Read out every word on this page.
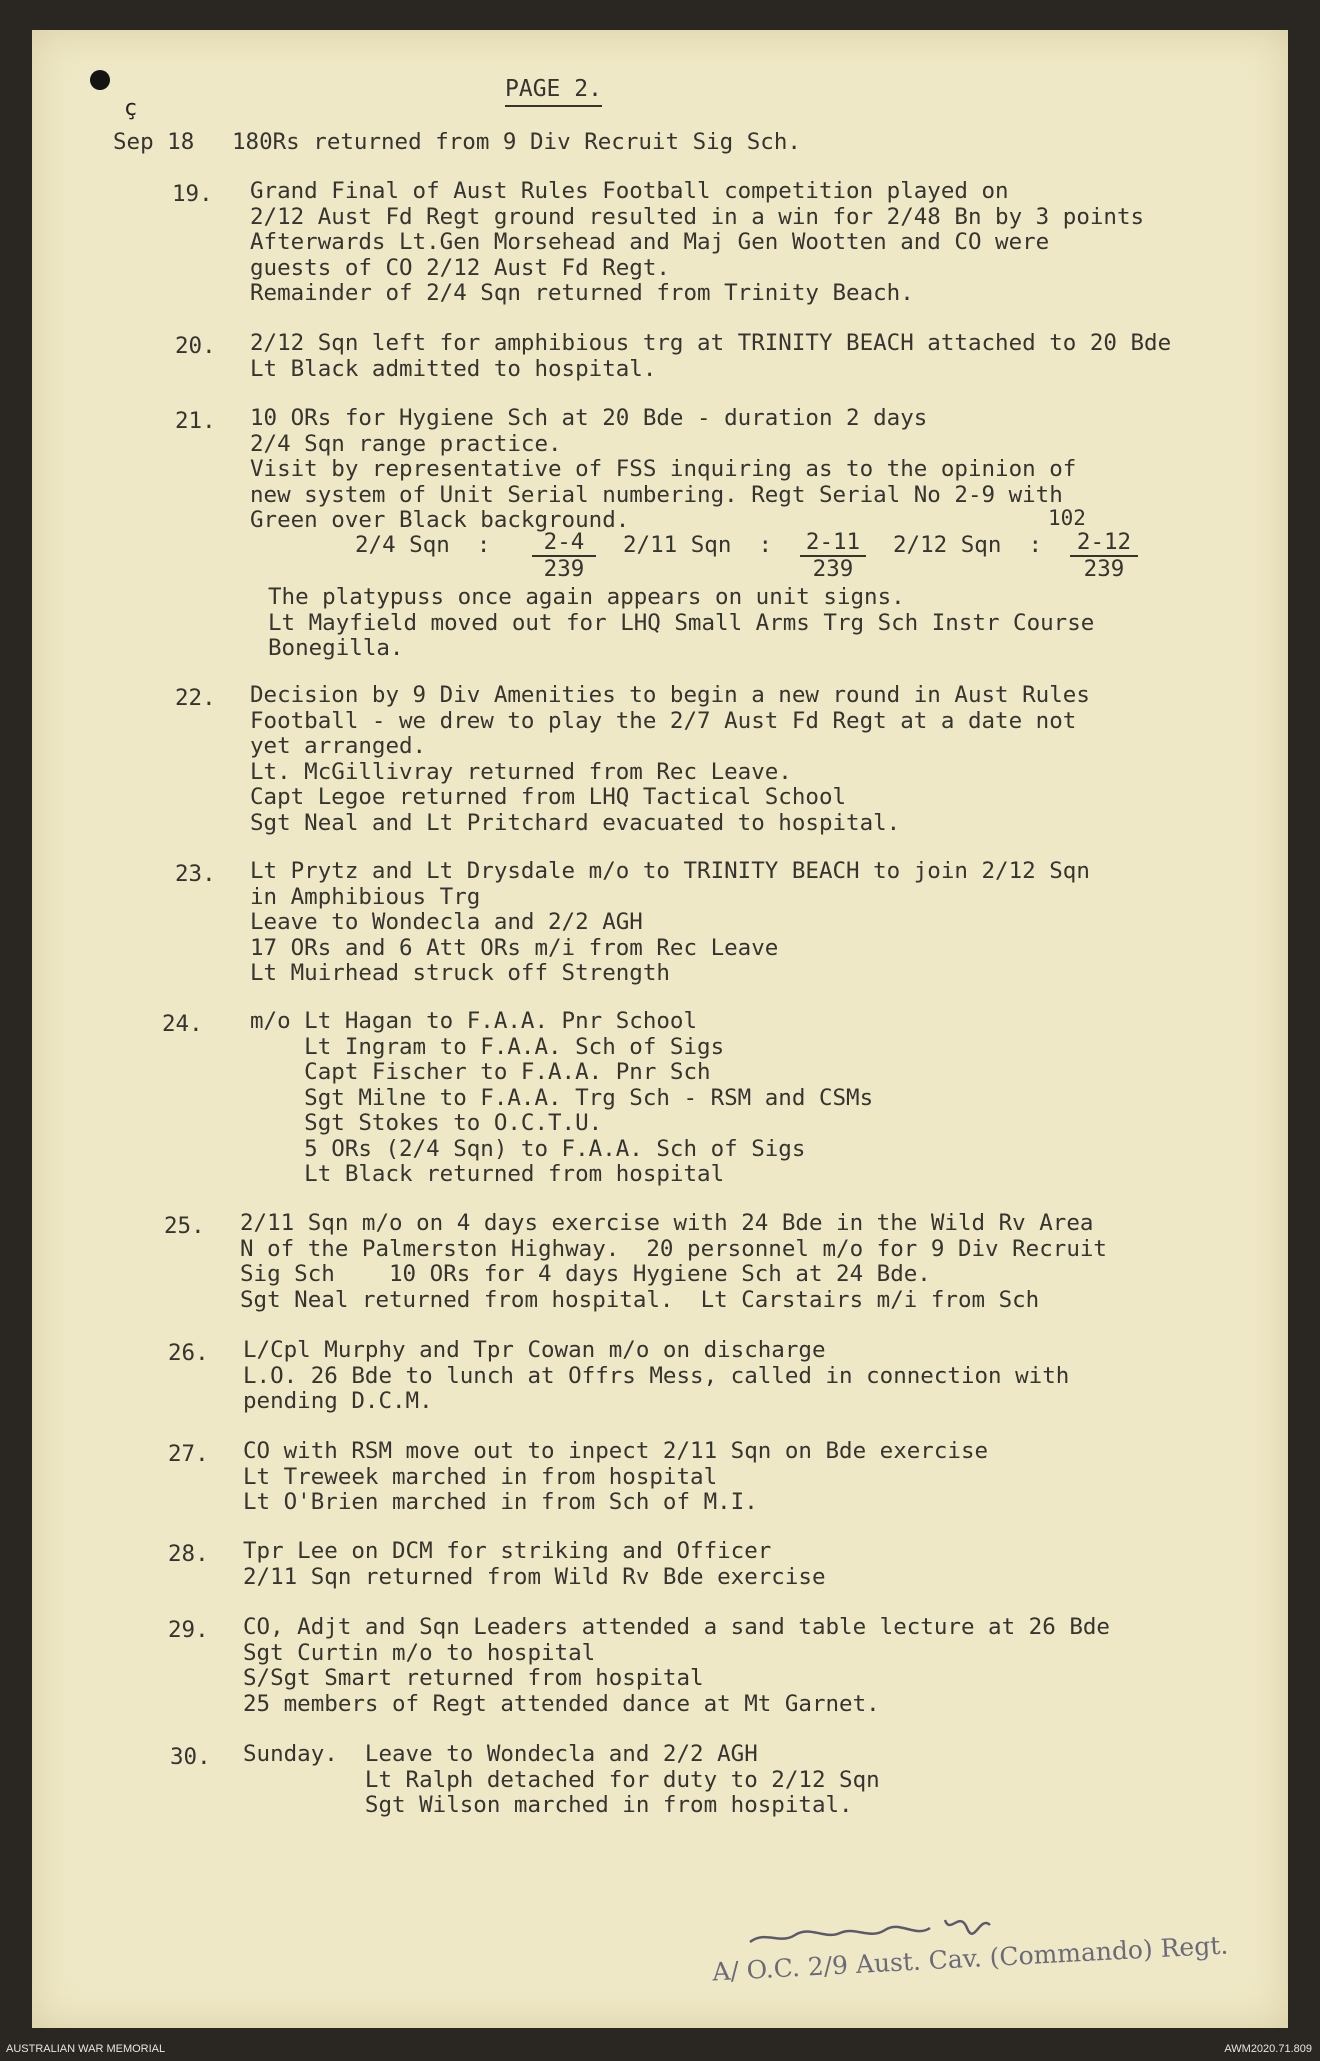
ç
PAGE 2.
Sep 18 180Rs returned from 9 Div Recruit Sig Sch.
19. Grand Final of Aust Rules Football competition played on
2/12 Aust Fd Regt ground resulted in a win for 2/48 Bn by 3 points
Afterwards Lt.Gen Morsehead and Maj Gen Wootten and CO were
guests of CO 2/12 Aust Fd Regt.
Remainder of 2/4 Sqn returned from Trinity Beach.
20. 2/12 Sqn left for amphibious trg at TRINITY BEACH attached to 20 Bde
Lt Black admitted to hospital.
21. 10 ORs for Hygiene Sch at 20 Bde - duration 2 days
2/4 Sqn range practice.
Visit by representative of FSS inquiring as to the opinion of
new system of Unit Serial numbering. Regt Serial No 2-9 with
Green over Black background.	102
2/4 Sqn  : $\frac{2-4}{239} 2/11$ Sqn  : $\frac{2-11}{239} 2/12$ Sqn  : $\frac{2-12}{239}$
The platypuss once again appears on unit signs.
Lt Mayfield moved out for LHQ Small Arms Trg Sch Instr Course
Bonegilla.
22. Decision by 9 Div Amenities to begin a new round in Aust Rules
Football - we drew to play the 2/7 Aust Fd Regt at a date not
yet arranged.
Lt. McGillivray returned from Rec Leave.
Capt Legoe returned from LHQ Tactical School
Sgt Neal and Lt Pritchard evacuated to hospital.
23. Lt Prytz and Lt Drysdale m/o to TRINITY BEACH to join 2/12 Sqn
in Amphibious Trg
Leave to Wondecla and 2/2 AGH
17 ORs and 6 Att ORs m/i from Rec Leave
Lt Muirhead struck off Strength
24. m/o Lt Hagan to F.A.A. Pnr School
Lt Ingram to F.A.A. Sch of Sigs
Capt Fischer to F.A.A. Pnr Sch
Sgt Milne to F.A.A. Trg Sch - RSM and CSMs
Sgt Stokes to O.C.T.U.
5 ORs (2/4 Sqn) to F.A.A. Sch of Sigs
Lt Black returned from hospital
25. 2/11 Sqn m/o on 4 days exercise with 24 Bde in the Wild Rv Area
N of the Palmerston Highway.  20 personnel m/o for 9 Div Recruit
Sig Sch    10 ORs for 4 days Hygiene Sch at 24 Bde.
Sgt Neal returned from hospital.  Lt Carstairs m/i from Sch
26. L/Cpl Murphy and Tpr Cowan m/o on discharge
L.O. 26 Bde to lunch at Offrs Mess, called in connection with
pending D.C.M.
27. CO with RSM move out to inpect 2/11 Sqn on Bde exercise
Lt Treweek marched in from hospital
Lt O'Brien marched in from Sch of M.I.
28. Tpr Lee on DCM for striking and Officer
2/11 Sqn returned from Wild Rv Bde exercise
29. CO, Adjt and Sqn Leaders attended a sand table lecture at 26 Bde
Sgt Curtin m/o to hospital
S/Sgt Smart returned from hospital
25 members of Regt attended dance at Mt Garnet.
30. Sunday.  Leave to Wondecla and 2/2 AGH
Lt Ralph detached for duty to 2/12 Sqn
Sgt Wilson marched in from hospital.
A/ O.C. 2/9 Aust. Cav. (Commando) Regt.
AUSTRALIAN WAR MEMORIAL	AWM2020.71.809
